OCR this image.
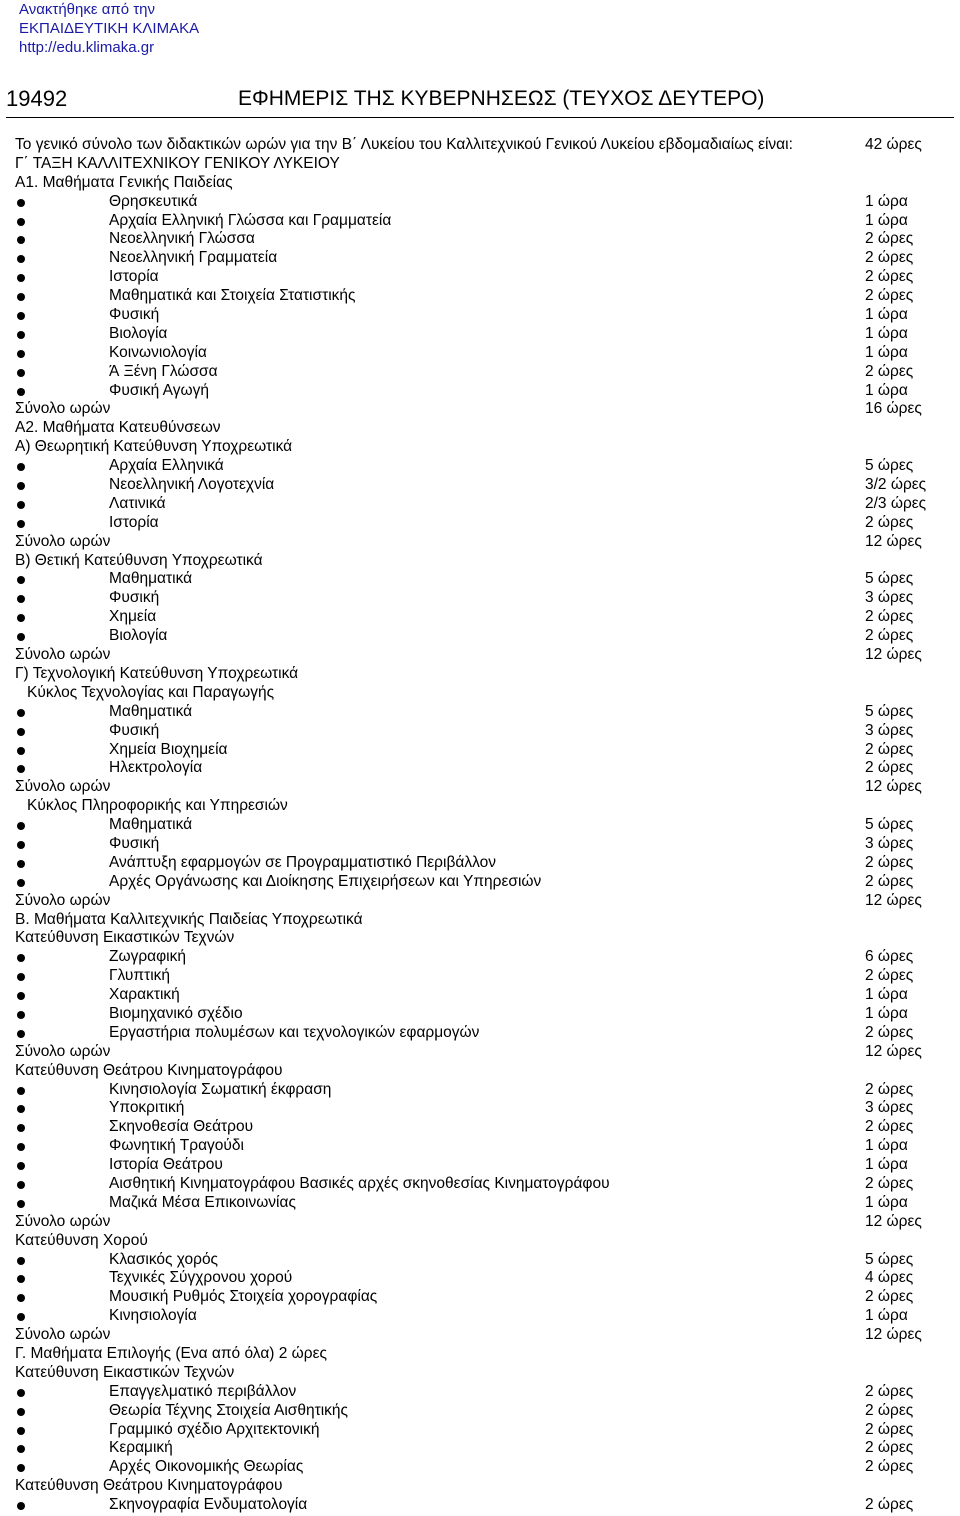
Ανακτήθηκε από την
ΕΚΠΑΙΔΕΥΤΙΚΗ ΚΛΙΜΑΚΑ
http://edu.klimaka.gr
19492	ΕΦΗΜΕΡΙΣ ΤΗΣ ΚΥΒΕΡΝΗΣΕΩΣ (ΤΕΥΧΟΣ ΔΕΥΤΕΡΟ)
Το γενικό σύνολο των διδακτικών ωρών για την Β΄ Λυκείου του Καλλιτεχνικού Γενικού Λυκείου εβδομαδιαίως είναι:	42 ώρες
Γ΄ ΤΑΞΗ ΚΑΛΛΙΤΕΧΝΙΚΟΥ ΓΕΝΙΚΟΥ ΛΥΚΕΙΟΥ
Α1. Μαθήματα Γενικής Παιδείας
Θρησκευτικά	1 ώρα
Αρχαία Ελληνική Γλώσσα και Γραμματεία	1 ώρα
Νεοελληνική Γλώσσα	2 ώρες
Νεοελληνική Γραμματεία	2 ώρες
Ιστορία	2 ώρες
Μαθηματικά και Στοιχεία Στατιστικής	2 ώρες
Φυσική	1 ώρα
Βιολογία	1 ώρα
Κοινωνιολογία	1 ώρα
Ά Ξένη Γλώσσα	2 ώρες
Φυσική Αγωγή	1 ώρα
Σύνολο ωρών	16 ώρες
Α2. Μαθήματα Κατευθύνσεων
Α) Θεωρητική Κατεύθυνση Υποχρεωτικά
Αρχαία Ελληνικά	5 ώρες
Νεοελληνική Λογοτεχνία	3/2 ώρες
Λατινικά	2/3 ώρες
Ιστορία	2 ώρες
Σύνολο ωρών	12 ώρες
Β) Θετική Κατεύθυνση Υποχρεωτικά
Μαθηματικά	5 ώρες
Φυσική	3 ώρες
Χημεία	2 ώρες
Βιολογία	2 ώρες
Σύνολο ωρών	12 ώρες
Γ) Τεχνολογική Κατεύθυνση Υποχρεωτικά
Κύκλος Τεχνολογίας και Παραγωγής
Μαθηματικά	5 ώρες
Φυσική	3 ώρες
Χημεία Βιοχημεία	2 ώρες
Ηλεκτρολογία	2 ώρες
Σύνολο ωρών	12 ώρες
Κύκλος Πληροφορικής και Υπηρεσιών
Μαθηματικά	5 ώρες
Φυσική	3 ώρες
Ανάπτυξη εφαρμογών σε Προγραμματιστικό Περιβάλλον	2 ώρες
Αρχές Οργάνωσης και Διοίκησης Επιχειρήσεων και Υπηρεσιών	2 ώρες
Σύνολο ωρών	12 ώρες
Β. Μαθήματα Καλλιτεχνικής Παιδείας Υποχρεωτικά
Κατεύθυνση Εικαστικών Τεχνών
Ζωγραφική	6 ώρες
Γλυπτική	2 ώρες
Χαρακτική	1 ώρα
Βιομηχανικό σχέδιο	1 ώρα
Εργαστήρια πολυμέσων και τεχνολογικών εφαρμογών	2 ώρες
Σύνολο ωρών	12 ώρες
Κατεύθυνση Θεάτρου Κινηματογράφου
Κινησιολογία Σωματική έκφραση	2 ώρες
Υποκριτική	3 ώρες
Σκηνοθεσία Θεάτρου	2 ώρες
Φωνητική Τραγούδι	1 ώρα
Ιστορία Θεάτρου	1 ώρα
Αισθητική Κινηματογράφου Βασικές αρχές σκηνοθεσίας Κινηματογράφου	2 ώρες
Μαζικά Μέσα Επικοινωνίας	1 ώρα
Σύνολο ωρών	12 ώρες
Κατεύθυνση Χορού
Κλασικός χορός	5 ώρες
Τεχνικές Σύγχρονου χορού	4 ώρες
Μουσική Ρυθμός Στοιχεία χορογραφίας	2 ώρες
Κινησιολογία	1 ώρα
Σύνολο ωρών	12 ώρες
Γ. Μαθήματα Επιλογής (Ενα από όλα) 2 ώρες
Κατεύθυνση Εικαστικών Τεχνών
Επαγγελματικό περιβάλλον	2 ώρες
Θεωρία Τέχνης Στοιχεία Αισθητικής	2 ώρες
Γραμμικό σχέδιο Αρχιτεκτονική	2 ώρες
Κεραμική	2 ώρες
Αρχές Οικονομικής Θεωρίας	2 ώρες
Κατεύθυνση Θεάτρου Κινηματογράφου
Σκηνογραφία Ενδυματολογία	2 ώρες
